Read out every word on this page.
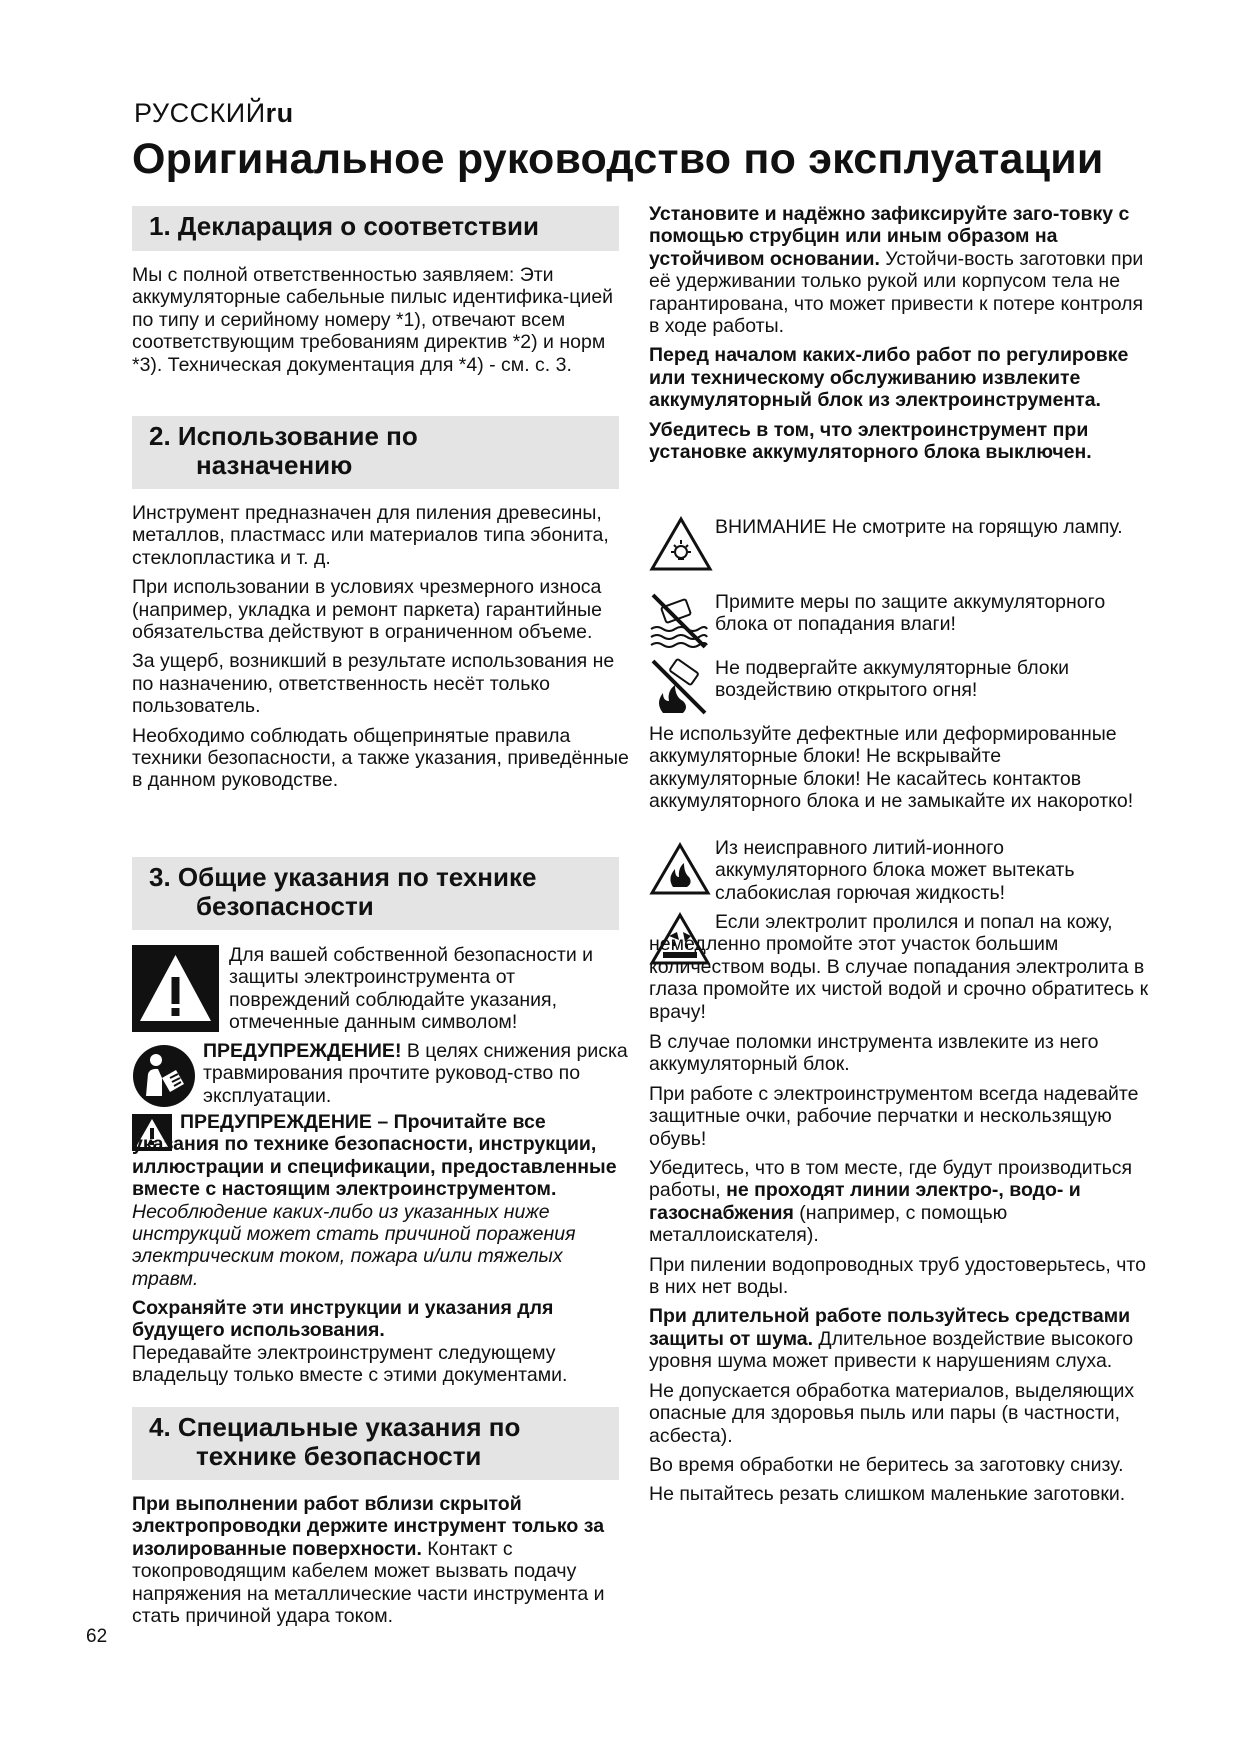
РУССКИЙru
Оригинальное руководство по эксплуатации
1. Декларация о соответствии

Мы с полной ответственностью заявляем: Эти аккумуляторные сабельные пилыс идентифика-цией по типу и серийному номеру *1), отвечают всем соответствующим требованиям директив *2) и норм *3). Техническая документация для *4) - см. с. 3.

2. Использование по
назначению

Инструмент предназначен для пиления древесины, металлов, пластмасс или материалов типа эбонита, стеклопластика и т. д.

При использовании в условиях чрезмерного износа (например, укладка и ремонт паркета) гарантийные обязательства действуют в ограниченном объеме.

За ущерб, возникший в результате использования не по назначению, ответственность несёт только пользователь.

Необходимо соблюдать общепринятые правила техники безопасности, а также указания, приведённые в данном руководстве.

3. Общие указания по технике
безопасности

Для вашей собственной безопасности и защиты электроинструмента от повреждений соблюдайте указания, отмеченные данным символом!

ПРЕДУПРЕЖДЕНИЕ! В целях снижения риска травмирования прочтите руковод-ство по эксплуатации.

ПРЕДУПРЕЖДЕНИЕ – Прочитайте все указания по технике безопасности, инструкции, иллюстрации и спецификации, предоставленные вместе с настоящим электроинструментом. Несоблюдение каких-либо из указанных ниже инструкций может стать причиной поражения электрическим током, пожара и/или тяжелых травм.

Сохраняйте эти инструкции и указания для будущего использования.

Передавайте электроинструмент следующему владельцу только вместе с этими документами.

4. Специальные указания по
технике безопасности

При выполнении работ вблизи скрытой электропроводки держите инструмент только за изолированные поверхности. Контакт с токопроводящим кабелем может вызвать подачу напряжения на металлические части инструмента и стать причиной удара током.

62

Установите и надёжно зафиксируйте заго-товку с помощью струбцин или иным образом на устойчивом основании. Устойчи-вость заготовки при её удерживании только рукой или корпусом тела не гарантирована, что может привести к потере контроля в ходе работы.

Перед началом каких-либо работ по регулировке или техническому обслуживанию извлеките аккумуляторный блок из электроинструмента.

Убедитесь в том, что электроинструмент при установке аккумуляторного блока выключен.

ВНИМАНИЕ Не смотрите на горящую лампу.

Примите меры по защите аккумуляторного блока от попадания влаги!

Не подвергайте аккумуляторные блоки воздействию открытого огня!

Не используйте дефектные или деформированные аккумуляторные блоки! Не вскрывайте аккумуляторные блоки! Не касайтесь контактов аккумуляторного блока и не замыкайте их накоротко!

Из неисправного литий-ионного аккумуляторного блока может вытекать слабокислая горючая жидкость!

Если электролит пролился и попал на кожу, немедленно промойте этот участок большим количеством воды. В случае попадания электролита в глаза промойте их чистой водой и срочно обратитесь к врачу!

В случае поломки инструмента извлеките из него аккумуляторный блок.

При работе с электроинструментом всегда надевайте защитные очки, рабочие перчатки и нескользящую обувь!

Убедитесь, что в том месте, где будут производиться работы, не проходят линии электро-, водо- и газоснабжения (например, с помощью металлоискателя).

При пилении водопроводных труб удостоверьтесь, что в них нет воды.

При длительной работе пользуйтесь средствами защиты от шума. Длительное воздействие высокого уровня шума может привести к нарушениям слуха.

Не допускается обработка материалов, выделяющих опасные для здоровья пыль или пары (в частности, асбеста).

Во время обработки не беритесь за заготовку снизу.

Не пытайтесь резать слишком маленькие заготовки.
